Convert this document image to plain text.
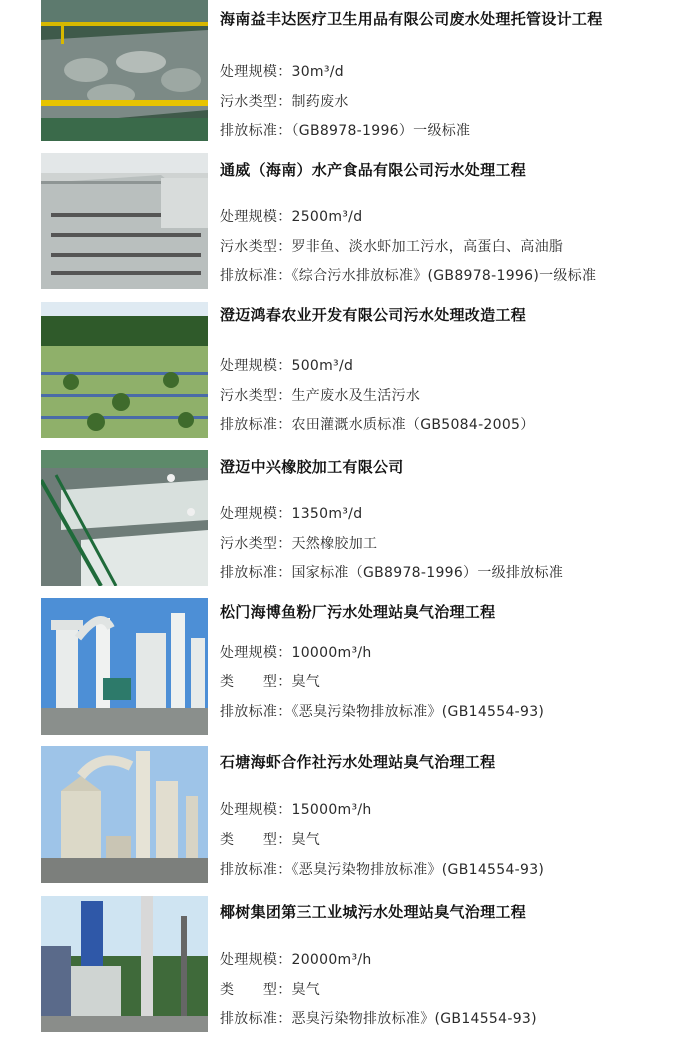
海南益丰达医疗卫生用品有限公司废水处理托管设计工程
处理规模：30m³/d
污水类型：制药废水
排放标准：（GB8978-1996）一级标准
通威（海南）水产食品有限公司污水处理工程
处理规模：2500m³/d
污水类型：罗非鱼、淡水虾加工污水，高蛋白、高油脂
排放标准：《综合污水排放标准》(GB8978-1996)一级标准
澄迈鸿春农业开发有限公司污水处理改造工程
处理规模：500m³/d
污水类型：生产废水及生活污水
排放标准：农田灌溉水质标准（GB5084-2005）
澄迈中兴橡胶加工有限公司
处理规模：1350m³/d
污水类型：天然橡胶加工
排放标准：国家标准（GB8978-1996）一级排放标准
松门海博鱼粉厂污水处理站臭气治理工程
处理规模：10000m³/h
类　　型：臭气
排放标准：《恶臭污染物排放标准》(GB14554-93)
石塘海虾合作社污水处理站臭气治理工程
处理规模：15000m³/h
类　　型：臭气
排放标准：《恶臭污染物排放标准》(GB14554-93)
椰树集团第三工业城污水处理站臭气治理工程
处理规模：20000m³/h
类　　型：臭气
排放标准：恶臭污染物排放标准》(GB14554-93)
